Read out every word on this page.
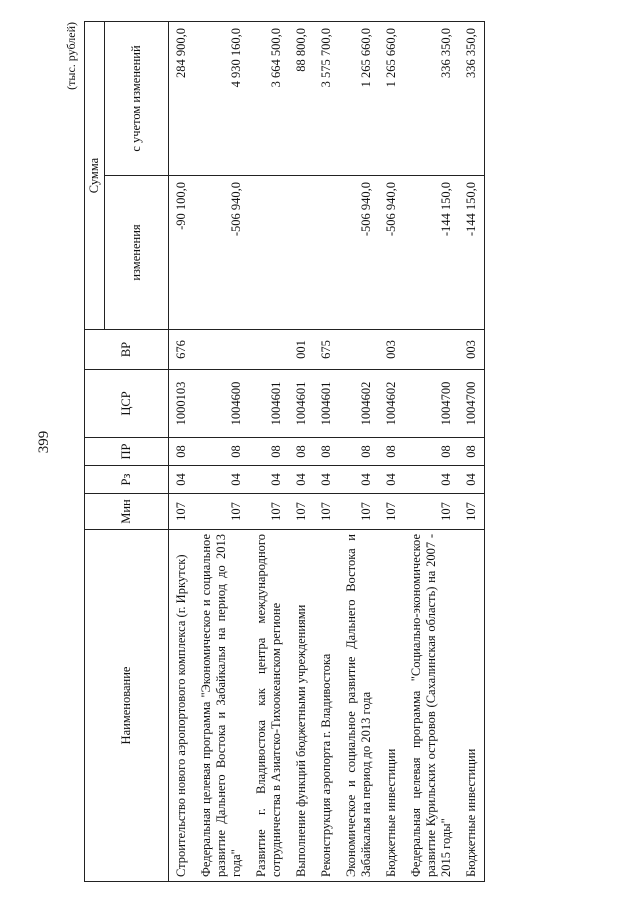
399
(тыс. рублей)
Наименование	Мин	Рз	ПР	ЦСР	ВР	Сумма	
						изменения	с учетом изменений
Строительство нового аэропортового комплекса (г. Иркутск)	107	04	08	1000103	676	-90 100,0	284 900,0
Федеральная целевая программа "Экономическое и социальное развитие Дальнего Востока и Забайкалья на период до 2013 года"	107	04	08	1004600		-506 940,0	4 930 160,0
Развитие г. Владивостока как центра международного сотрудничества в Азиатско-Тихоокеанском регионе	107	04	08	1004601			3 664 500,0
Выполнение функций бюджетными учреждениями	107	04	08	1004601	001		88 800,0
Реконструкция аэропорта г. Владивостока	107	04	08	1004601	675		3 575 700,0
Экономическое и социальное развитие Дальнего Востока и Забайкалья на период до 2013 года	107	04	08	1004602		-506 940,0	1 265 660,0
Бюджетные инвестиции	107	04	08	1004602	003	-506 940,0	1 265 660,0
Федеральная целевая программа "Социально-экономическое развитие Курильских островов (Сахалинская область) на 2007 - 2015 годы"	107	04	08	1004700		-144 150,0	336 350,0
Бюджетные инвестиции	107	04	08	1004700	003	-144 150,0	336 350,0
